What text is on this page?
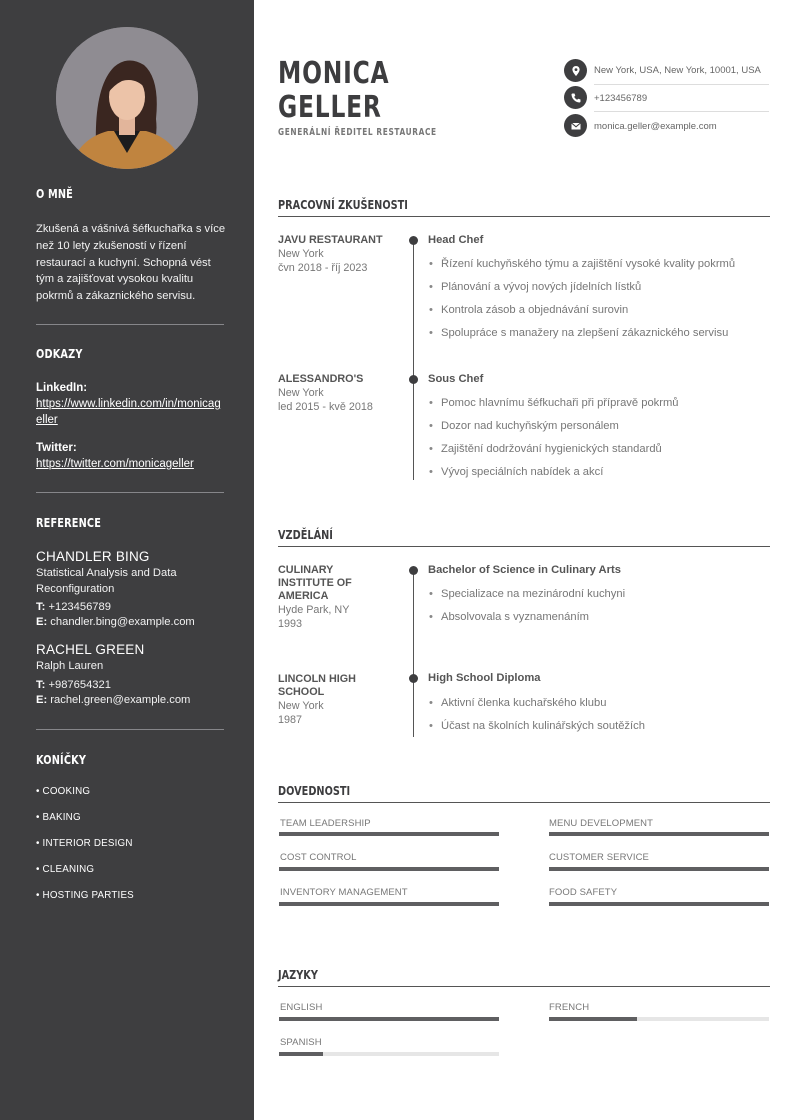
O MNĚ
Zkušená a vášnivá šéfkuchařka s více než 10 lety zkušeností v řízení restaurací a kuchyní. Schopná vést tým a zajišťovat vysokou kvalitu pokrmů a zákaznického servisu.
ODKAZY
LinkedIn:
https://www.linkedin.com/in/monicageller
Twitter:
https://twitter.com/monicageller
REFERENCE
CHANDLER BING
Statistical Analysis and Data Reconfiguration
T: +123456789
E: chandler.bing@example.com
RACHEL GREEN
Ralph Lauren
T: +987654321
E: rachel.green@example.com
KONÍČKY
• COOKING
• BAKING
• INTERIOR DESIGN
• CLEANING
• HOSTING PARTIES
MONICA
GELLER
GENERÁLNÍ ŘEDITEL RESTAURACE
New York, USA, New York, 10001, USA
+123456789
monica.geller@example.com
PRACOVNÍ ZKUŠENOSTI
JAVU RESTAURANT
New York
čvn 2018 - říj 2023
Head Chef
• Řízení kuchyňského týmu a zajištění vysoké kvality pokrmů
• Plánování a vývoj nových jídelních lístků
• Kontrola zásob a objednávání surovin
• Spolupráce s manažery na zlepšení zákaznického servisu
ALESSANDRO'S
New York
led 2015 - kvě 2018
Sous Chef
• Pomoc hlavnímu šéfkuchaři při přípravě pokrmů
• Dozor nad kuchyňským personálem
• Zajištění dodržování hygienických standardů
• Vývoj speciálních nabídek a akcí
VZDĚLÁNÍ
CULINARY
INSTITUTE OF
AMERICA
Hyde Park, NY
1993
Bachelor of Science in Culinary Arts
• Specializace na mezinárodní kuchyni
• Absolvovala s vyznamenáním
LINCOLN HIGH
SCHOOL
New York
1987
High School Diploma
• Aktivní členka kuchařského klubu
• Účast na školních kulinářských soutěžích
DOVEDNOSTI
TEAM LEADERSHIP	MENU DEVELOPMENT
COST CONTROL	CUSTOMER SERVICE
INVENTORY MANAGEMENT	FOOD SAFETY
JAZYKY
ENGLISH	FRENCH
SPANISH
